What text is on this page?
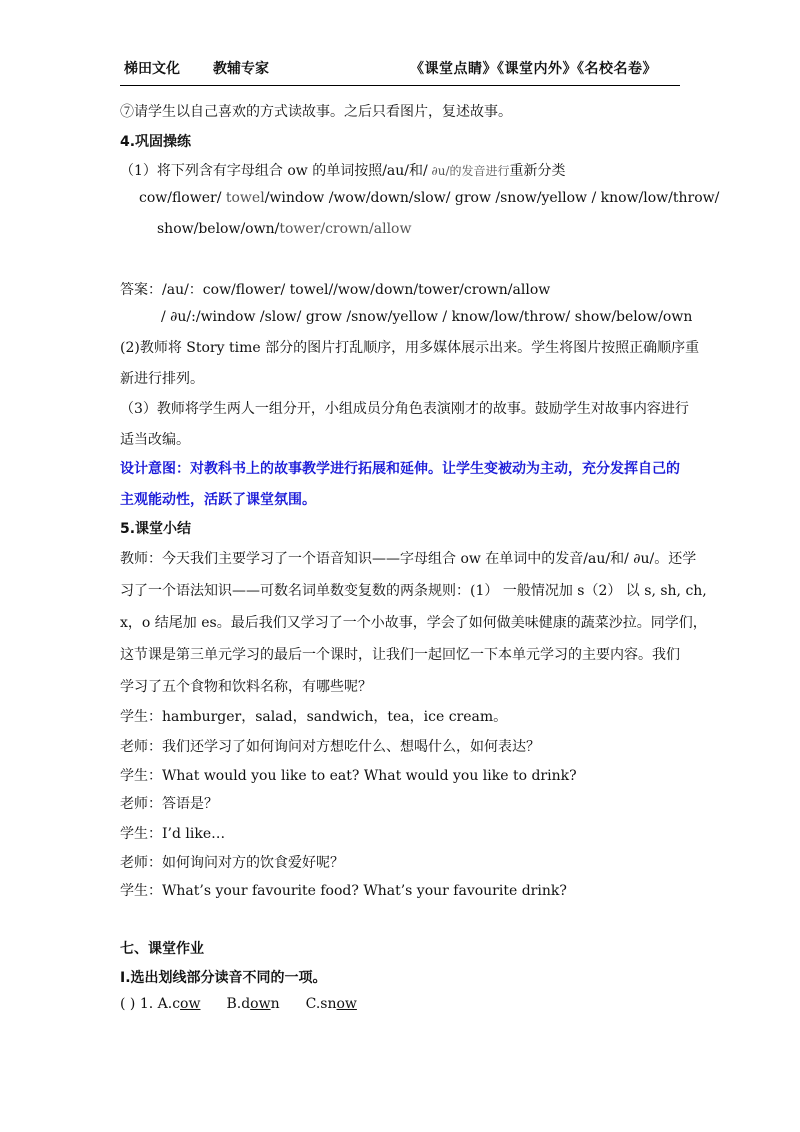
梯田文化 教辅专家	《课堂点睛》《课堂内外》《名校名卷》
⑦请学生以自己喜欢的方式读故事。之后只看图片，复述故事。
4.巩固操练
（1）将下列含有字母组合 ow 的单词按照/au/和/ ∂u/的发音进行重新分类
cow/flower/ towel/window /wow/down/slow/ grow /snow/yellow / know/low/throw/
show/below/own/tower/crown/allow
答案：/au/：cow/flower/ towel//wow/down/tower/crown/allow
/ ∂u/:/window /slow/ grow /snow/yellow / know/low/throw/ show/below/own
(2)教师将 Story time 部分的图片打乱顺序，用多媒体展示出来。学生将图片按照正确顺序重
新进行排列。
（3）教师将学生两人一组分开，小组成员分角色表演刚才的故事。鼓励学生对故事内容进行
适当改编。
设计意图：对教科书上的故事教学进行拓展和延伸。让学生变被动为主动，充分发挥自己的
主观能动性，活跃了课堂氛围。
5.课堂小结
教师：今天我们主要学习了一个语音知识——字母组合 ow 在单词中的发音/au/和/ ∂u/。还学
习了一个语法知识——可数名词单数变复数的两条规则：(1） 一般情况加 s（2） 以 s, sh, ch,
x，o 结尾加 es。最后我们又学习了一个小故事，学会了如何做美味健康的蔬菜沙拉。同学们，
这节课是第三单元学习的最后一个课时，让我们一起回忆一下本单元学习的主要内容。我们
学习了五个食物和饮料名称，有哪些呢？
学生：hamburger，salad，sandwich，tea，ice cream。
老师：我们还学习了如何询问对方想吃什么、想喝什么，如何表达？
学生：What would you like to eat? What would you like to drink?
老师：答语是？
学生：I’d like…
老师：如何询问对方的饮食爱好呢？
学生：What’s your favourite food? What’s your favourite drink?
七、课堂作业
Ⅰ.选出划线部分读音不同的一项。
( ) 1. A.cow B.down C.snow
